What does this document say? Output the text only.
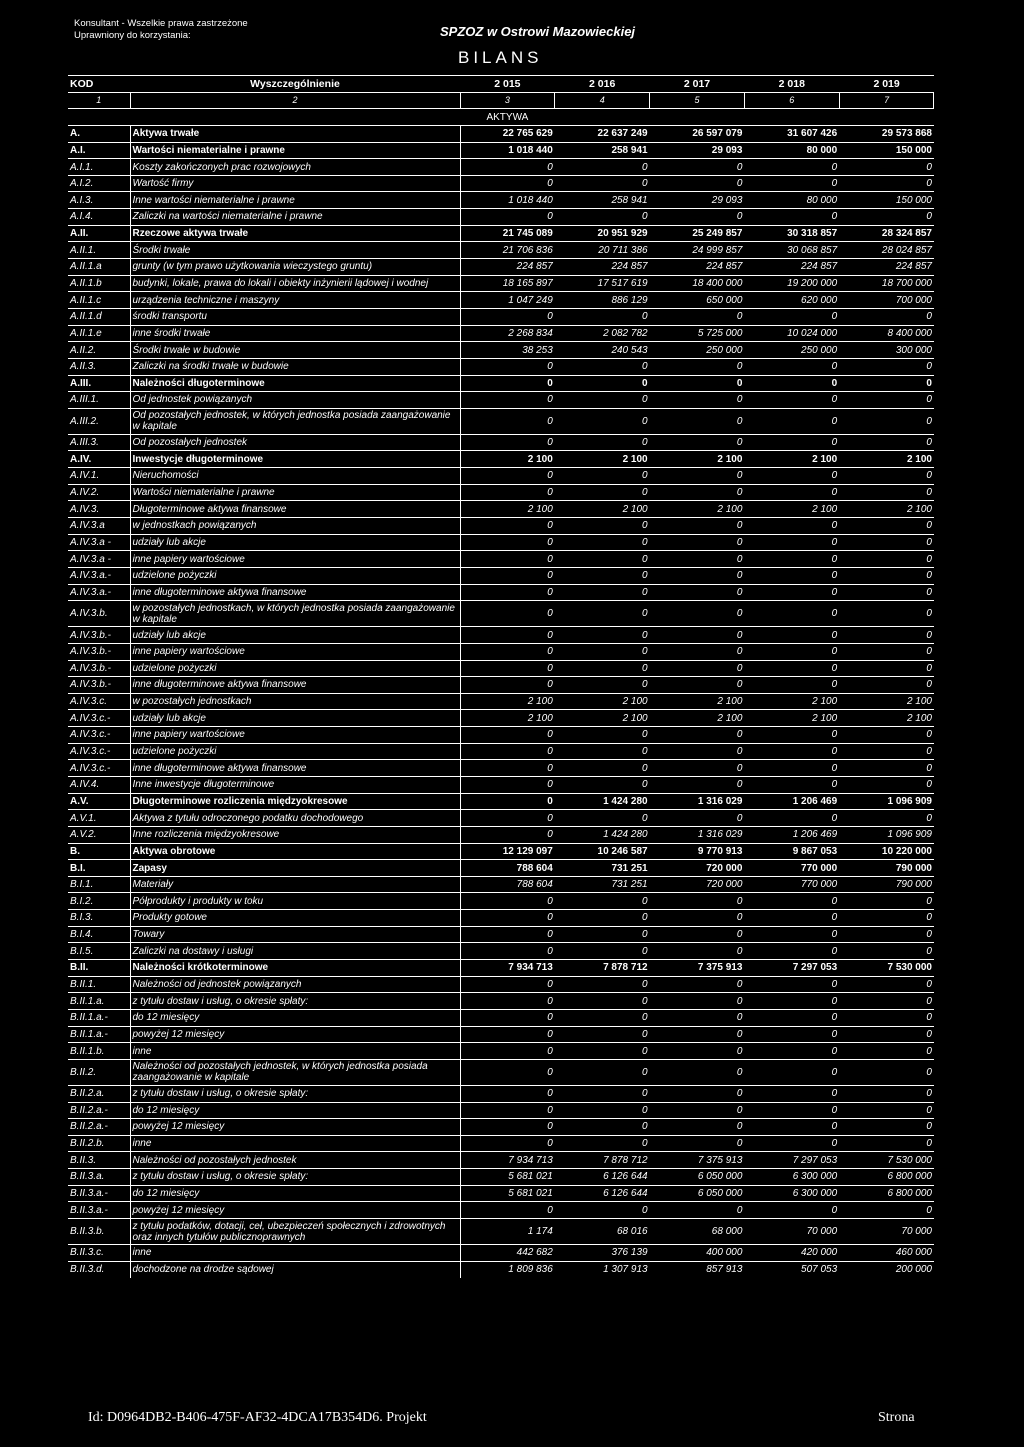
Konsultant - Wszelkie prawa zastrzeżone
Uprawniony do korzystania:	SPZOZ w Ostrowi Mazowieckiej
BILANS
KOD	Wyszczególnienie	2 015	2 016	2 017	2 018	2 019
1	2	3	4	5	6	7
		AKTYWA				
A.	Aktywa trwałe	22 765 629	22 637 249	26 597 079	31 607 426	29 573 868
A.I.	Wartości niematerialne i prawne	1 018 440	258 941	29 093	80 000	150 000
A.I.1.	Koszty zakończonych prac rozwojowych	0	0	0	0	0
A.I.2.	Wartość firmy	0	0	0	0	0
A.I.3.	Inne wartości niematerialne i prawne	1 018 440	258 941	29 093	80 000	150 000
A.I.4.	Zaliczki na wartości niematerialne i prawne	0	0	0	0	0
A.II.	Rzeczowe aktywa trwałe	21 745 089	20 951 929	25 249 857	30 318 857	28 324 857
A.II.1.	Środki trwałe	21 706 836	20 711 386	24 999 857	30 068 857	28 024 857
A.II.1.a	grunty (w tym prawo użytkowania wieczystego gruntu)	224 857	224 857	224 857	224 857	224 857
A.II.1.b	budynki, lokale, prawa do lokali i obiekty inżynierii lądowej i wodnej	18 165 897	17 517 619	18 400 000	19 200 000	18 700 000
A.II.1.c	urządzenia techniczne i maszyny	1 047 249	886 129	650 000	620 000	700 000
A.II.1.d	środki transportu	0	0	0	0	0
A.II.1.e	inne środki trwałe	2 268 834	2 082 782	5 725 000	10 024 000	8 400 000
A.II.2.	Środki trwałe w budowie	38 253	240 543	250 000	250 000	300 000
A.II.3.	Zaliczki na środki trwałe w budowie	0	0	0	0	0
A.III.	Należności długoterminowe	0	0	0	0	0
A.III.1.	Od jednostek powiązanych	0	0	0	0	0
A.III.2.	Od pozostałych jednostek, w których jednostka posiada zaangażowanie w kapitale	0	0	0	0	0
A.III.3.	Od pozostałych jednostek	0	0	0	0	0
A.IV.	Inwestycje długoterminowe	2 100	2 100	2 100	2 100	2 100
A.IV.1.	Nieruchomości	0	0	0	0	0
A.IV.2.	Wartości niematerialne i prawne	0	0	0	0	0
A.IV.3.	Długoterminowe aktywa finansowe	2 100	2 100	2 100	2 100	2 100
A.IV.3.a	w jednostkach powiązanych	0	0	0	0	0
A.IV.3.a -	udziały lub akcje	0	0	0	0	0
A.IV.3.a -	inne papiery wartościowe	0	0	0	0	0
A.IV.3.a.-	udzielone pożyczki	0	0	0	0	0
A.IV.3.a.-	inne długoterminowe aktywa finansowe	0	0	0	0	0
A.IV.3.b.	w pozostałych jednostkach, w których jednostka posiada zaangażowanie w kapitale	0	0	0	0	0
A.IV.3.b.-	udziały lub akcje	0	0	0	0	0
A.IV.3.b.-	inne papiery wartościowe	0	0	0	0	0
A.IV.3.b.-	udzielone pożyczki	0	0	0	0	0
A.IV.3.b.-	inne długoterminowe aktywa finansowe	0	0	0	0	0
A.IV.3.c.	w pozostałych jednostkach	2 100	2 100	2 100	2 100	2 100
A.IV.3.c.-	udziały lub akcje	2 100	2 100	2 100	2 100	2 100
A.IV.3.c.-	inne papiery wartościowe	0	0	0	0	0
A.IV.3.c.-	udzielone pożyczki	0	0	0	0	0
A.IV.3.c.-	inne długoterminowe aktywa finansowe	0	0	0	0	0
A.IV.4.	Inne inwestycje długoterminowe	0	0	0	0	0
A.V.	Długoterminowe rozliczenia międzyokresowe	0	1 424 280	1 316 029	1 206 469	1 096 909
A.V.1.	Aktywa z tytułu odroczonego podatku dochodowego	0	0	0	0	0
A.V.2.	Inne rozliczenia międzyokresowe	0	1 424 280	1 316 029	1 206 469	1 096 909
B.	Aktywa obrotowe	12 129 097	10 246 587	9 770 913	9 867 053	10 220 000
B.I.	Zapasy	788 604	731 251	720 000	770 000	790 000
B.I.1.	Materiały	788 604	731 251	720 000	770 000	790 000
B.I.2.	Półprodukty i produkty w toku	0	0	0	0	0
B.I.3.	Produkty gotowe	0	0	0	0	0
B.I.4.	Towary	0	0	0	0	0
B.I.5.	Zaliczki na dostawy i usługi	0	0	0	0	0
B.II.	Należności krótkoterminowe	7 934 713	7 878 712	7 375 913	7 297 053	7 530 000
B.II.1.	Należności od jednostek powiązanych	0	0	0	0	0
B.II.1.a.	z tytułu dostaw i usług, o okresie spłaty:	0	0	0	0	0
B.II.1.a.-	do 12 miesięcy	0	0	0	0	0
B.II.1.a.-	powyżej 12 miesięcy	0	0	0	0	0
B.II.1.b.	inne	0	0	0	0	0
B.II.2.	Należności od pozostałych jednostek, w których jednostka posiada zaangażowanie w kapitale	0	0	0	0	0
B.II.2.a.	z tytułu dostaw i usług, o okresie spłaty:	0	0	0	0	0
B.II.2.a.-	do 12 miesięcy	0	0	0	0	0
B.II.2.a.-	powyżej 12 miesięcy	0	0	0	0	0
B.II.2.b.	inne	0	0	0	0	0
B.II.3.	Należności od pozostałych jednostek	7 934 713	7 878 712	7 375 913	7 297 053	7 530 000
B.II.3.a.	z tytułu dostaw i usług, o okresie spłaty:	5 681 021	6 126 644	6 050 000	6 300 000	6 800 000
B.II.3.a.-	do 12 miesięcy	5 681 021	6 126 644	6 050 000	6 300 000	6 800 000
B.II.3.a.-	powyżej 12 miesięcy	0	0	0	0	0
B.II.3.b.	z tytułu podatków, dotacji, ceł, ubezpieczeń społecznych i zdrowotnych oraz innych tytułów publicznoprawnych	1 174	68 016	68 000	70 000	70 000
B.II.3.c.	inne	442 682	376 139	400 000	420 000	460 000
B.II.3.d.	dochodzone na drodze sądowej	1 809 836	1 307 913	857 913	507 053	200 000
Id: D0964DB2-B406-475F-AF32-4DCA17B354D6. Projekt	Strona
